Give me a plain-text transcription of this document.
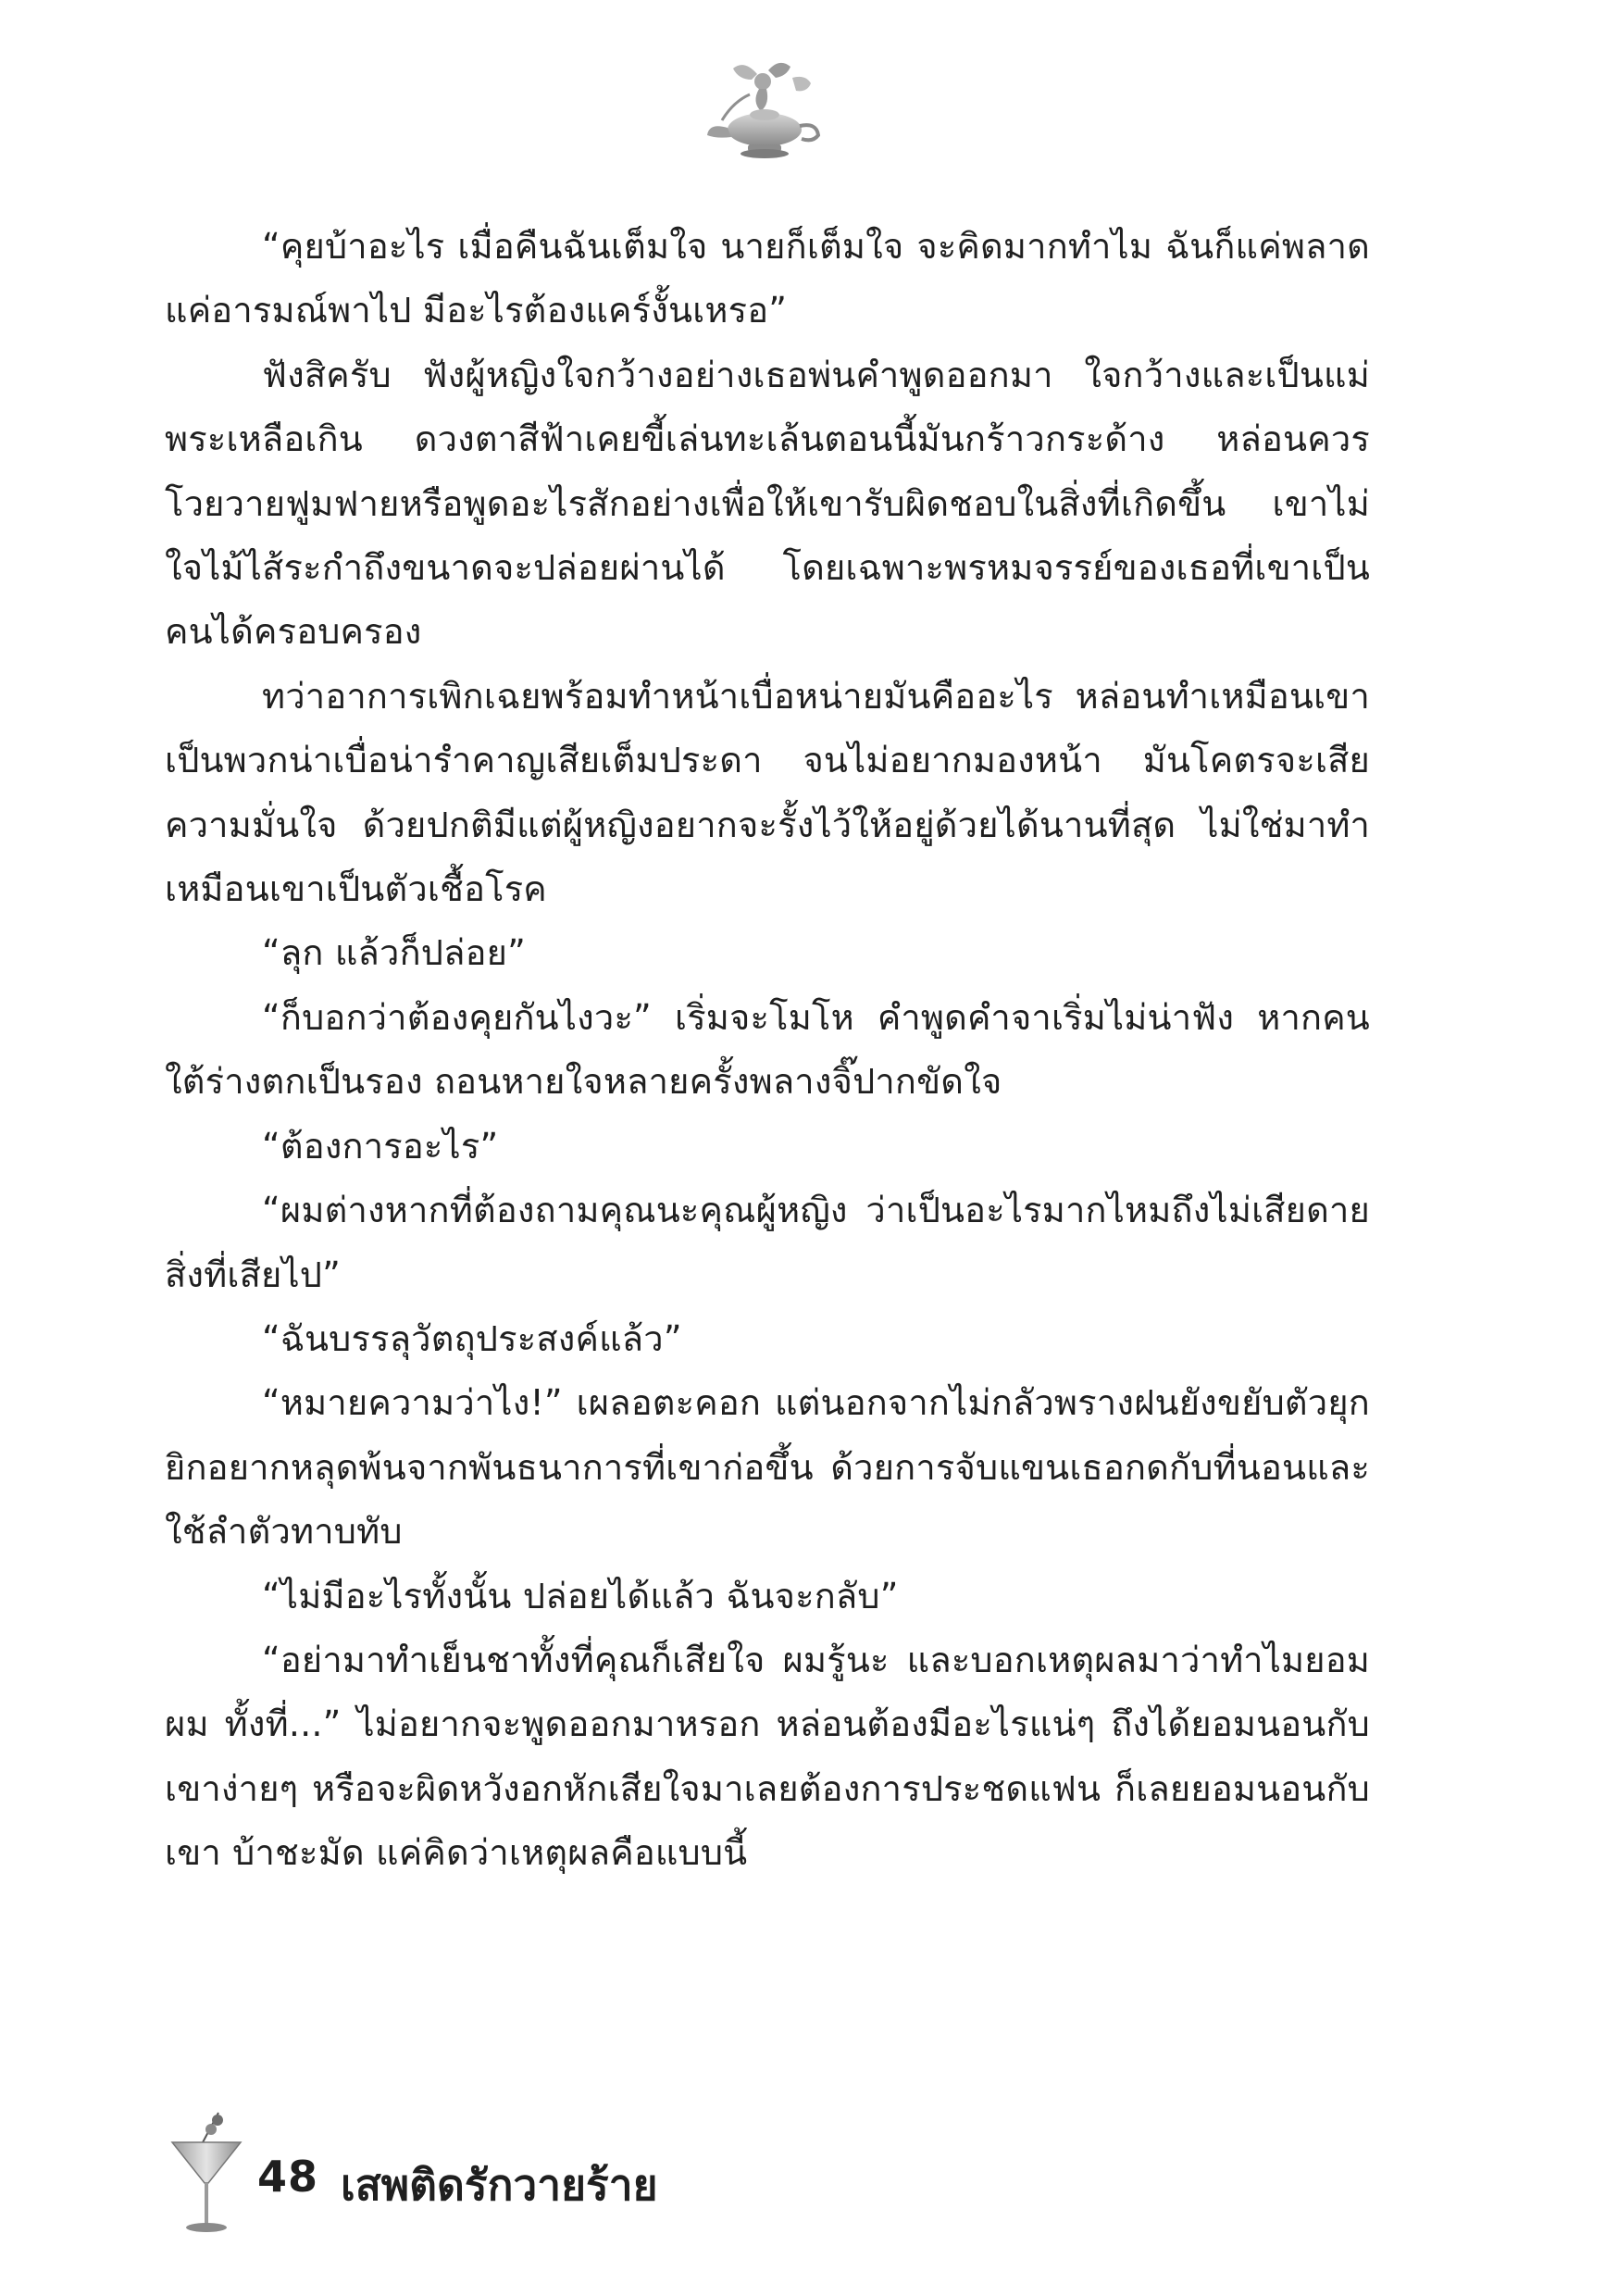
“คุยบ้าอะไร เมื่อคืนฉันเต็มใจ นายก็เต็มใจ จะคิดมากทำไม ฉันก็แค่พลาด แค่อารมณ์พาไป มีอะไรต้องแคร์งั้นเหรอ”

ฟังสิครับ ฟังผู้หญิงใจกว้างอย่างเธอพ่นคำพูดออกมา ใจกว้างและเป็นแม่พระเหลือเกิน ดวงตาสีฟ้าเคยขี้เล่นทะเล้นตอนนี้มันกร้าวกระด้าง หล่อนควรโวยวายฟูมฟายหรือพูดอะไรสักอย่างเพื่อให้เขารับผิดชอบในสิ่งที่เกิดขึ้น เขาไม่ใจไม้ไส้ระกำถึงขนาดจะปล่อยผ่านได้ โดยเฉพาะพรหมจรรย์ของเธอที่เขาเป็นคนได้ครอบครอง

ทว่าอาการเพิกเฉยพร้อมทำหน้าเบื่อหน่ายมันคืออะไร หล่อนทำเหมือนเขาเป็นพวกน่าเบื่อน่ารำคาญเสียเต็มประดา จนไม่อยากมองหน้า มันโคตรจะเสียความมั่นใจ ด้วยปกติมีแต่ผู้หญิงอยากจะรั้งไว้ให้อยู่ด้วยได้นานที่สุด ไม่ใช่มาทำเหมือนเขาเป็นตัวเชื้อโรค

“ลุก แล้วก็ปล่อย”

“ก็บอกว่าต้องคุยกันไงวะ” เริ่มจะโมโห คำพูดคำจาเริ่มไม่น่าฟัง หากคนใต้ร่างตกเป็นรอง ถอนหายใจหลายครั้งพลางจิ๊ปากขัดใจ

“ต้องการอะไร”

“ผมต่างหากที่ต้องถามคุณนะคุณผู้หญิง ว่าเป็นอะไรมากไหมถึงไม่เสียดายสิ่งที่เสียไป”

“ฉันบรรลุวัตถุประสงค์แล้ว”

“หมายความว่าไง!” เผลอตะคอก แต่นอกจากไม่กลัวพรางฝนยังขยับตัวยุกยิกอยากหลุดพ้นจากพันธนาการที่เขาก่อขึ้น ด้วยการจับแขนเธอกดกับที่นอนและใช้ลำตัวทาบทับ

“ไม่มีอะไรทั้งนั้น ปล่อยได้แล้ว ฉันจะกลับ”

“อย่ามาทำเย็นชาทั้งที่คุณก็เสียใจ ผมรู้นะ และบอกเหตุผลมาว่าทำไมยอมผม ทั้งที่...” ไม่อยากจะพูดออกมาหรอก หล่อนต้องมีอะไรแน่ๆ ถึงได้ยอมนอนกับเขาง่ายๆ หรือจะผิดหวังอกหักเสียใจมาเลยต้องการประชดแฟน ก็เลยยอมนอนกับเขา บ้าชะมัด แค่คิดว่าเหตุผลคือแบบนี้

48 เสพติดรักวายร้าย
